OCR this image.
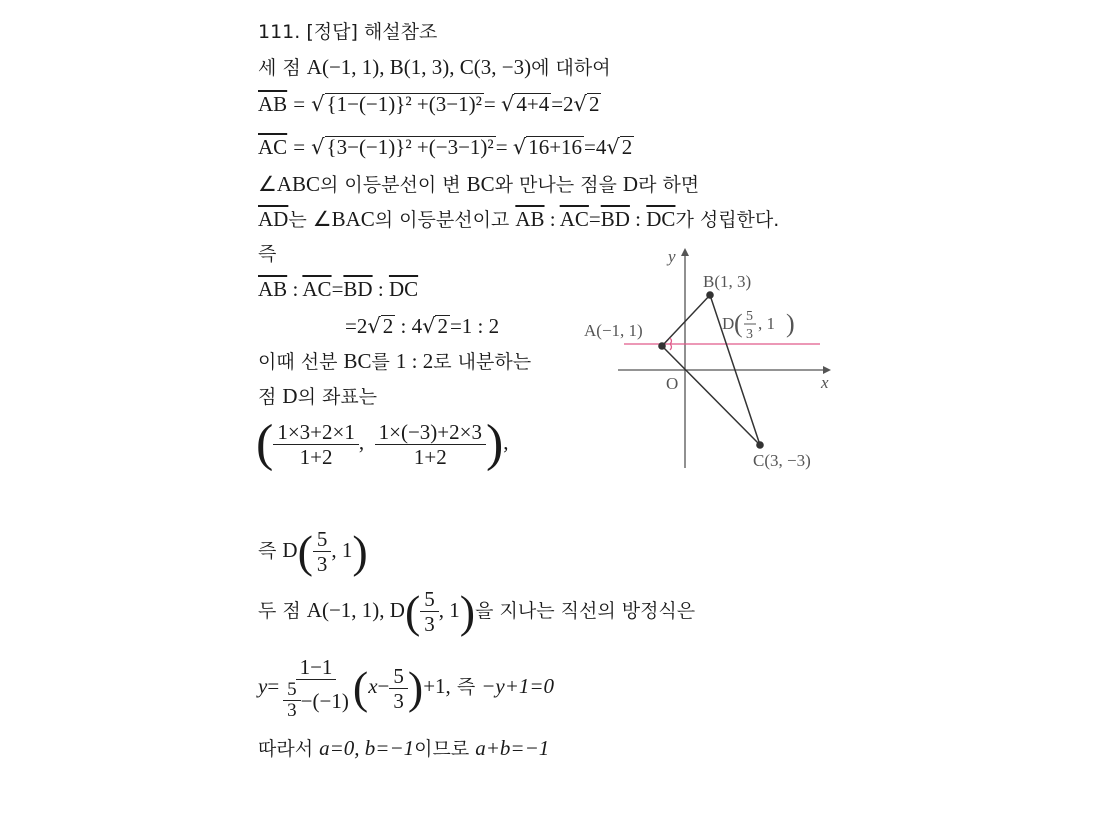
111. [정답] 해설참조
세 점 A(−1, 1), B(1, 3), C(3, −3)에 대하여
$\overline{AB} = √\{1-(-1)\}^2 +(3-1)^2= √4+4=2√2$
$\overline{AC} = √\{3-(-1)\}^2 +(-3-1)^2= √16+16=4√2$
∠ABC의 이등분선이 변 BC와 만나는 점을 D라 하면
$\overline{AD}$는 ∠BAC의 이등분선이고 $\overline{AB}$ : $\overline{AC}=\overline{BD}$ : $\overline{DC}$가 성립한다.
즉
$\overline{AB}$ : $\overline{AC}=\overline{BD}$ : $\overline{DC}$
=2√2 : 4√2=1 : 2
이때 선분 BC를 1 : 2로 내분하는
점 D의 좌표는
( $\frac{1\times 3+2\times 1}{1+2}$ , $\frac{1\times(-3)+2\times 3}{1+2}$ ),
즉 $D( \frac{5}{3}$ , 1)
두 점 A(−1, 1), $D( \frac{5}{3}$ , 1)을 지나는 직선의 방정식은
$y= \frac{1-1}{\frac{5}{3} -(-1)} (x- \frac{5}{3} )+1$, 즉 −y+1=0
따라서 a=0, b=−1이므로 a+b=−1
y
x
O
A(−1, 1)
B(1, 3)
C(3, −3)
D ( 5
3
, 1 )
